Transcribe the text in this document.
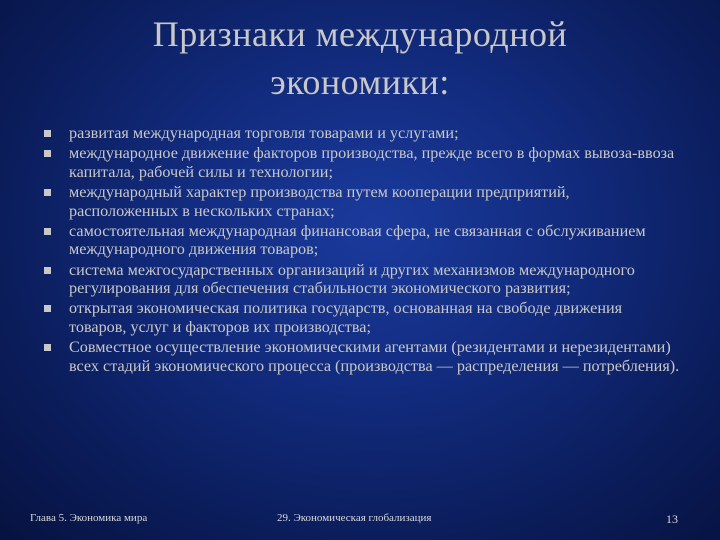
Признаки международной
экономики:
развитая международная торговля товарами и услугами;
международное движение факторов производства, прежде всего в формах вывоза-ввоза капитала, рабочей силы и технологии;
международный характер производства путем кооперации предприятий, расположенных в нескольких странах;
самостоятельная международная финансовая сфера, не связанная с обслуживанием международного движения товаров;
система межгосударственных организаций и других механизмов международного регулирования для обеспечения стабильности экономического развития;
открытая экономическая политика государств, основанная на свободе движения товаров, услуг и факторов их производства;
Совместное осуществление экономическими агентами (резидентами и нерезидентами) всех стадий экономического процесса (производства — распределения — потребления).
Глава 5. Экономика мира	29. Экономическая глобализация	13
